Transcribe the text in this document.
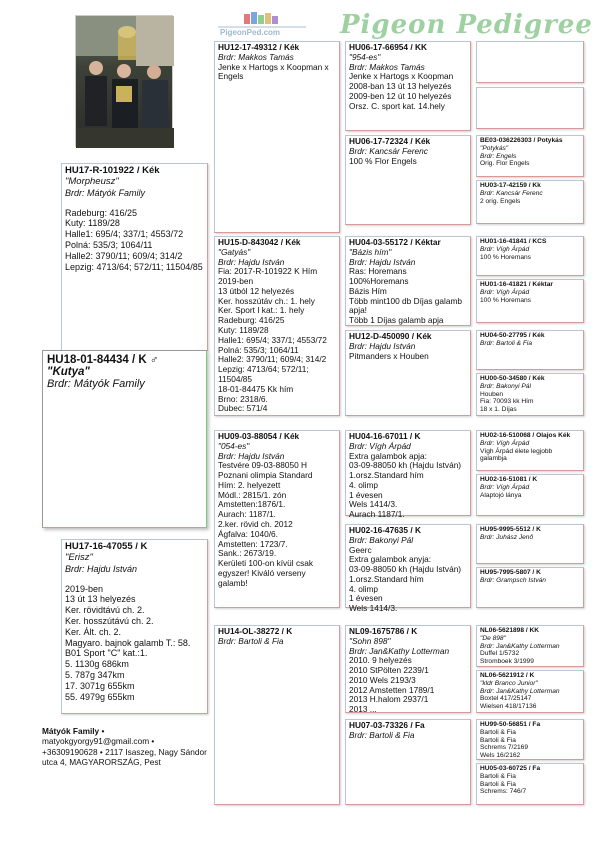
PigeonPed.com Pigeon Pedigree
HU17-R-101922 / Kék
"Morpheusz"
Brdr: Mátyók Family
Radeburg: 416/25
Kuty: 1189/28
Halle1: 695/4; 337/1; 4553/72
Polná: 535/3; 1064/11
Halle2: 3790/11; 609/4; 314/2
Lepzig: 4713/64; 572/11; 11504/85
HU18-01-84434 / K ♂
"Kutya"
Brdr: Mátyók Family
HU17-16-47055 / K
"Erisz"
Brdr: Hajdu István
2019-ben
13 út 13 helyezés
Ker. rövidtávú ch. 2.
Ker. hosszútávú ch. 2.
Ker. Ált. ch. 2.
Magyaro. bajnok galamb T.: 58.
B01 Sport "C" kat.:1.
5. 1130g 686km
5. 787g 347km
17. 3071g 655km
55. 4979g 655km
Mátyók Family •
matyokgyorgy91@gmail.com •
+36309190628 • 2117 Isaszeg, Nagy Sándor utca 4, MAGYARORSZÁG, Pest
HU12-17-49312 / Kék
Brdr: Makkos Tamás
Jenke x Hartogs x Koopman x Engels
HU15-D-843042 / Kék
"Gatyás"
Brdr: Hajdu István
Fia: 2017-R-101922 K Hím
2019-ben
13 útból 12 helyezés
Ker. hosszútáv ch.: 1. hely
Ker. Sport I kat.: 1. hely
Radeburg: 416/25
Kuty: 1189/28
Halle1: 695/4; 337/1; 4553/72
Polná: 535/3; 1064/11
Halle2: 3790/11; 609/4; 314/2
Lepzig: 4713/64; 572/11; 11504/85
18-01-84475 Kk hím
Brno: 2318/6.
Dubec: 571/4
HU09-03-88054 / Kék
"054-es"
Brdr: Hajdu István
Testvére 09-03-88050 H
Poznani olimpia Standard
Hím: 2. helyezett
Módl.: 2815/1. zón
Amstetten:1876/1.
Aurach: 1187/1.
2.ker. rövid ch. 2012
Ágfalva: 1040/6.
Amstetten: 1723/7.
Sank.: 2673/19.
Kerületi 100-on kívül csak egyszer! Kiváló verseny galamb!
HU14-OL-38272 / K
Brdr: Bartoli & Fia
HU06-17-66954 / KK
"954-es"
Brdr: Makkos Tamás
Jenke x Hartogs x Koopman
2008-ban 13 út 13 helyezés
2009-ben 12 út 10 helyezés
Orsz. C. sport kat. 14.hely
HU06-17-72324 / Kék
Brdr: Kancsár Ferenc
100 % Flor Engels
HU04-03-55172 / Kéktar
"Bázis hím"
Brdr: Hajdu István
Ras: Horemans
100%Horemans
Bázis Hím
Több mint100 db Díjas galamb apja!
Több 1 Díjas galamb apja
HU12-D-450090 / Kék
Brdr: Hajdu István
Pitmanders x Houben
HU04-16-67011 / K
Brdr: Vígh Árpád
Extra galambok apja:
03-09-88050 kh (Hajdu István)
1.orsz.Standard hím
4. olimp
1 évesen
Wels 1414/3.
Aurach 1187/1.
HU02-16-47635 / K
Brdr: Bakonyi Pál
Geerc
Extra galambok anyja:
03-09-88050 kh (Hajdu István)
1.orsz.Standard hím
4. olimp
1 évesen
Wels 1414/3.
NL09-1675786 / K
"Sohn 898"
Brdr: Jan&Kathy Lotterman
2010. 9 helyezés
2010 StPölten 2239/1
2010 Wels 2193/3
2012 Amstetten 1789/1
2013 H.halom 2937/1
2013 ...
HU07-03-73326 / Fa
Brdr: Bartoli & Fia
BE03-036226303 / Potykás
"Potykás"
Brdr: Engels
Orig. Flor Engels
HU03-17-42159 / Kk
Brdr: Kancsár Ferenc
2 orig. Engels
HU01-16-41841 / KCS
Brdr: Vígh Árpád
100 % Horemans
HU01-16-41821 / Kéktar
Brdr: Vígh Árpád
100 % Horemans
HU04-50-27795 / Kék
Brdr: Bartoli & Fia
HU00-50-34580 / Kék
Brdr: Bakonyi Pál
Houben
Fia: 70093 kk Hím
18 x 1. Díjas
HU02-16-510068 / Olajos Kék
Brdr: Vígh Árpád
Vígh Árpád élete legjobb galambja
HU02-16-51081 / K
Brdr: Vígh Árpád
Alaptojó lánya
HU95-9995-5512 / K
Brdr: Juhász Jenő
HU95-7995-5807 / K
Brdr: Grampsch István
NL06-5621898 / KK
"De 898"
Brdr: Jan&Kathy Lotterman
Duffel 1/5732
Stromboek 3/1999
NL06-5621912 / K
"kldr Branco Junior"
Brdr: Jan&Kathy Lotterman
Boxtel 417/25147
Wielsen 418/17136
HU99-50-56851 / Fa
Bartoli & Fia
Bartoli & Fia
Schrems 7/2169
Wels 16/2162
HU05-03-60725 / Fa
Bartoli & Fia
Bartoli & Fia
Schrems: 746/7
